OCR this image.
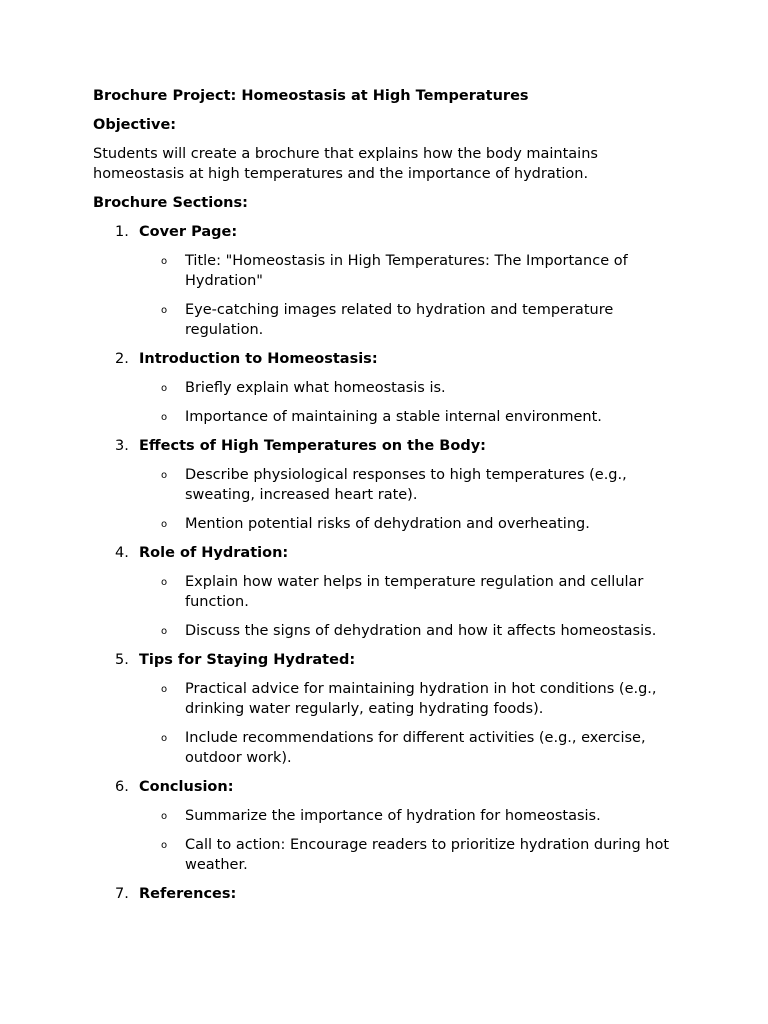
Brochure Project: Homeostasis at High Temperatures
Objective:
Students will create a brochure that explains how the body maintains homeostasis at high temperatures and the importance of hydration.
Brochure Sections:
1. Cover Page:
o Title: "Homeostasis in High Temperatures: The Importance of Hydration"
o Eye-catching images related to hydration and temperature regulation.
2. Introduction to Homeostasis:
o Briefly explain what homeostasis is.
o Importance of maintaining a stable internal environment.
3. Effects of High Temperatures on the Body:
o Describe physiological responses to high temperatures (e.g., sweating, increased heart rate).
o Mention potential risks of dehydration and overheating.
4. Role of Hydration:
o Explain how water helps in temperature regulation and cellular function.
o Discuss the signs of dehydration and how it affects homeostasis.
5. Tips for Staying Hydrated:
o Practical advice for maintaining hydration in hot conditions (e.g., drinking water regularly, eating hydrating foods).
o Include recommendations for different activities (e.g., exercise, outdoor work).
6. Conclusion:
o Summarize the importance of hydration for homeostasis.
o Call to action: Encourage readers to prioritize hydration during hot weather.
7. References:
